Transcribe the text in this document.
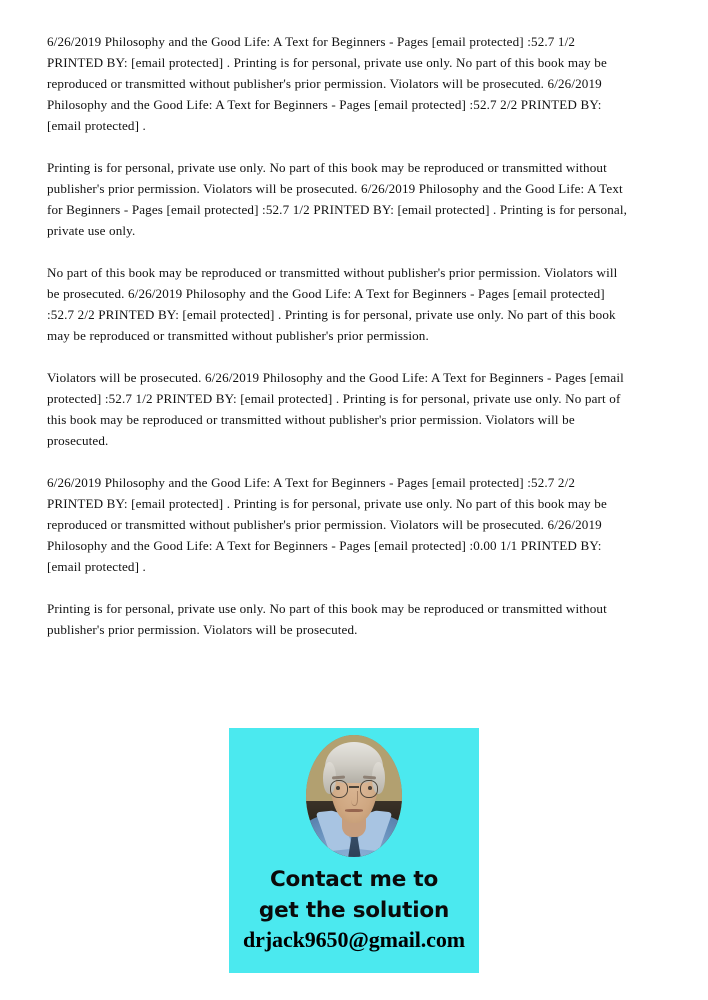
6/26/2019 Philosophy and the Good Life: A Text for Beginners - Pages [email protected] :52.7 1/2 PRINTED BY: [email protected] . Printing is for personal, private use only. No part of this book may be reproduced or transmitted without publisher's prior permission. Violators will be prosecuted. 6/26/2019 Philosophy and the Good Life: A Text for Beginners - Pages [email protected] :52.7 2/2 PRINTED BY: [email protected] .

Printing is for personal, private use only. No part of this book may be reproduced or transmitted without publisher's prior permission. Violators will be prosecuted. 6/26/2019 Philosophy and the Good Life: A Text for Beginners - Pages [email protected] :52.7 1/2 PRINTED BY: [email protected] . Printing is for personal, private use only.

No part of this book may be reproduced or transmitted without publisher's prior permission. Violators will be prosecuted. 6/26/2019 Philosophy and the Good Life: A Text for Beginners - Pages [email protected] :52.7 2/2 PRINTED BY: [email protected] . Printing is for personal, private use only. No part of this book may be reproduced or transmitted without publisher's prior permission.

Violators will be prosecuted. 6/26/2019 Philosophy and the Good Life: A Text for Beginners - Pages [email protected] :52.7 1/2 PRINTED BY: [email protected] . Printing is for personal, private use only. No part of this book may be reproduced or transmitted without publisher's prior permission. Violators will be prosecuted.

6/26/2019 Philosophy and the Good Life: A Text for Beginners - Pages [email protected] :52.7 2/2 PRINTED BY: [email protected] . Printing is for personal, private use only. No part of this book may be reproduced or transmitted without publisher's prior permission. Violators will be prosecuted. 6/26/2019 Philosophy and the Good Life: A Text for Beginners - Pages [email protected] :0.00 1/1 PRINTED BY: [email protected] .

Printing is for personal, private use only. No part of this book may be reproduced or transmitted without publisher's prior permission. Violators will be prosecuted.

Contact me to
get the solution
drjack9650@gmail.com
